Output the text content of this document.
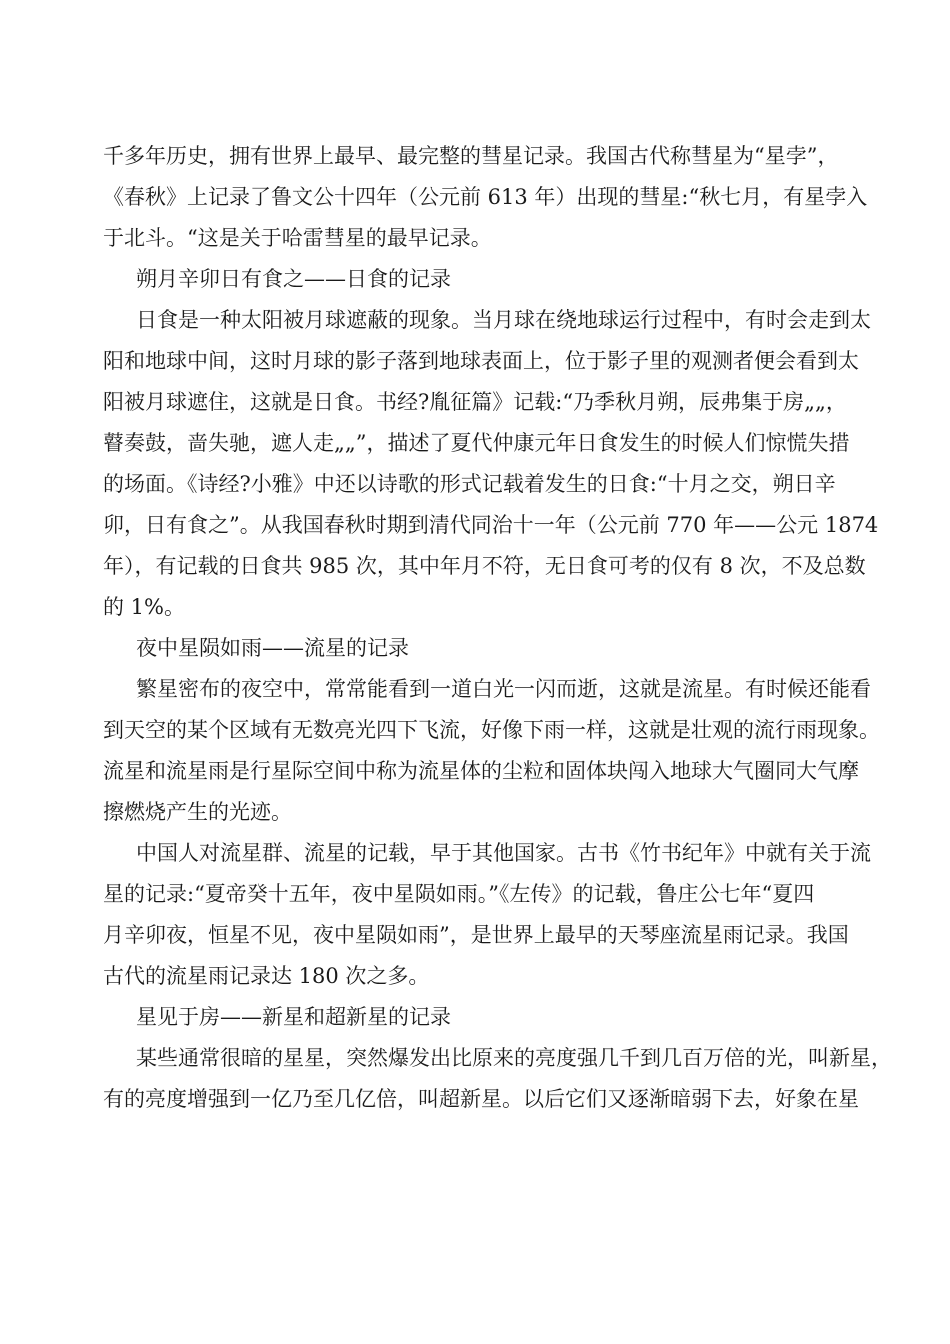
千多年历史，拥有世界上最早、最完整的彗星记录。我国古代称彗星为“星孛”，
《春秋》上记录了鲁文公十四年（公元前 613 年）出现的彗星:“秋七月，有星孛入
于北斗。“这是关于哈雷彗星的最早记录。
朔月辛卯日有食之——日食的记录
日食是一种太阳被月球遮蔽的现象。当月球在绕地球运行过程中，有时会走到太
阳和地球中间，这时月球的影子落到地球表面上，位于影子里的观测者便会看到太
阳被月球遮住，这就是日食。书经?胤征篇》记载:“乃季秋月朔，辰弗集于房„„，
瞽奏鼓，啬失驰，遮人走„„”，描述了夏代仲康元年日食发生的时候人们惊慌失措
的场面。《诗经?小雅》中还以诗歌的形式记载着发生的日食:“十月之交，朔日辛
卯，日有食之”。从我国春秋时期到清代同治十一年（公元前 770 年——公元 1874
年），有记载的日食共 985 次，其中年月不符，无日食可考的仅有 8 次，不及总数
的 1%。
夜中星陨如雨——流星的记录
繁星密布的夜空中，常常能看到一道白光一闪而逝，这就是流星。有时候还能看
到天空的某个区域有无数亮光四下飞流，好像下雨一样，这就是壮观的流行雨现象。
流星和流星雨是行星际空间中称为流星体的尘粒和固体块闯入地球大气圈同大气摩
擦燃烧产生的光迹。
中国人对流星群、流星的记载，早于其他国家。古书《竹书纪年》中就有关于流
星的记录:“夏帝癸十五年，夜中星陨如雨。”《左传》的记载，鲁庄公七年“夏四
月辛卯夜，恒星不见，夜中星陨如雨”，是世界上最早的天琴座流星雨记录。我国
古代的流星雨记录达 180 次之多。
星见于房——新星和超新星的记录
某些通常很暗的星星，突然爆发出比原来的亮度强几千到几百万倍的光，叫新星，
有的亮度增强到一亿乃至几亿倍，叫超新星。以后它们又逐渐暗弱下去，好象在星
